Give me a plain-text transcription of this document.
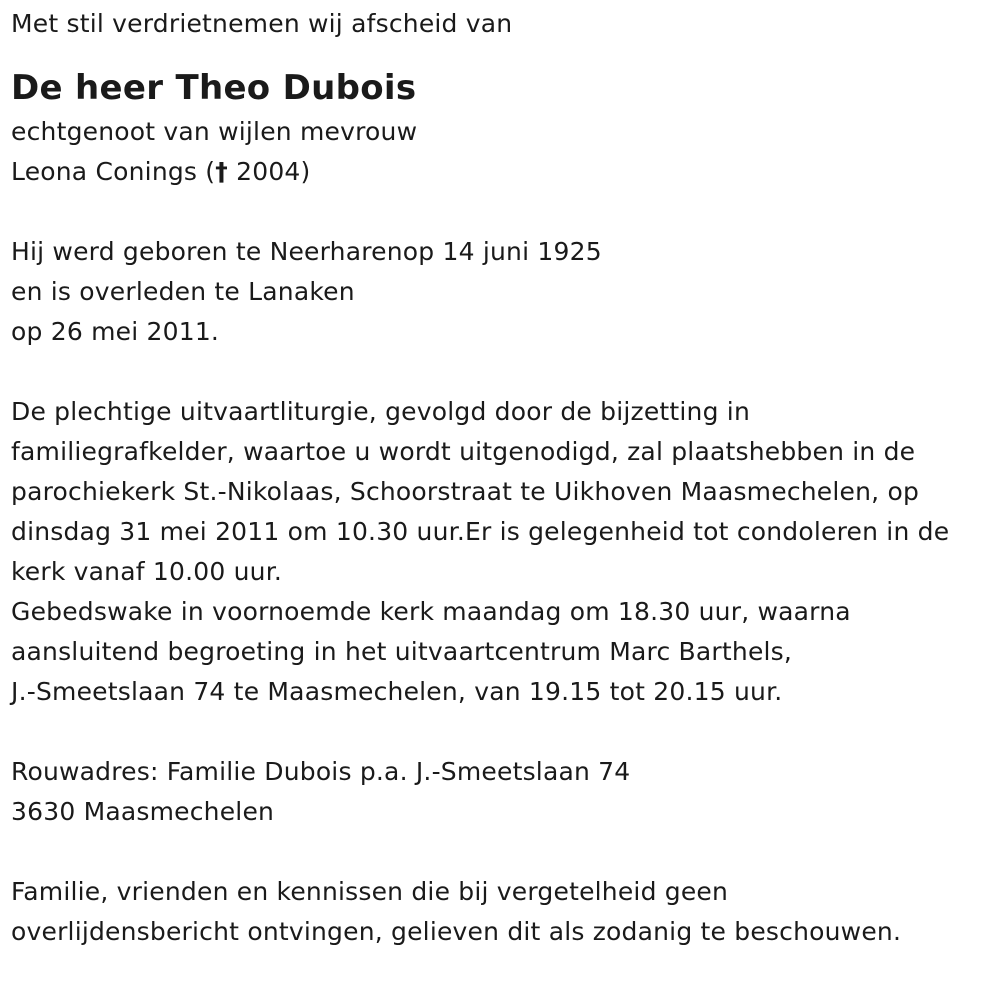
Met stil verdrietnemen wij afscheid van
De heer Theo Dubois
echtgenoot van wijlen mevrouw
Leona Conings († 2004)
Hij werd geboren te Neerharenop 14 juni 1925
en is overleden te Lanaken
op 26 mei 2011.
De plechtige uitvaartliturgie, gevolgd door de bijzetting in
familiegrafkelder, waartoe u wordt uitgenodigd, zal plaatshebben in de
parochiekerk St.-Nikolaas, Schoorstraat te Uikhoven Maasmechelen, op
dinsdag 31 mei 2011 om 10.30 uur.Er is gelegenheid tot condoleren in de
kerk vanaf 10.00 uur.
Gebedswake in voornoemde kerk maandag om 18.30 uur, waarna
aansluitend begroeting in het uitvaartcentrum Marc Barthels,
J.-Smeetslaan 74 te Maasmechelen, van 19.15 tot 20.15 uur.
Rouwadres: Familie Dubois p.a. J.-Smeetslaan 74
3630 Maasmechelen
Familie, vrienden en kennissen die bij vergetelheid geen
overlijdensbericht ontvingen, gelieven dit als zodanig te beschouwen.
